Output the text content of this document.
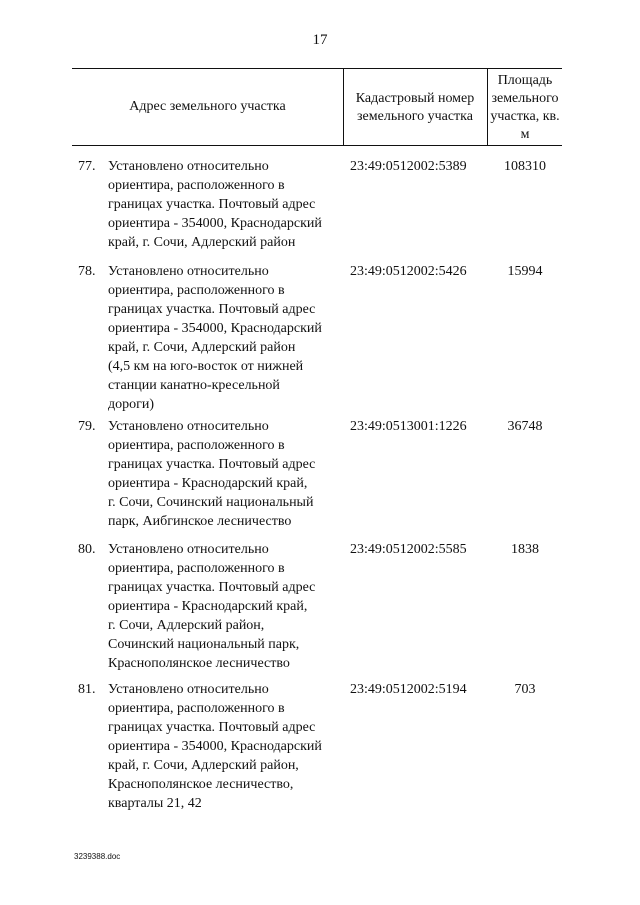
17
Адрес земельного участка
Кадастровый номер земельного участка
Площадь земельного участка, кв. м
77. Установлено относительно
ориентира, расположенного в
границах участка. Почтовый адрес
ориентира - 354000, Краснодарский
край, г. Сочи, Адлерский район
23:49:0512002:5389	108310
78. Установлено относительно
ориентира, расположенного в
границах участка. Почтовый адрес
ориентира - 354000, Краснодарский
край, г. Сочи, Адлерский район
(4,5 км на юго-восток от нижней
станции канатно-кресельной
дороги)
23:49:0512002:5426	15994
79. Установлено относительно
ориентира, расположенного в
границах участка. Почтовый адрес
ориентира - Краснодарский край,
г. Сочи, Сочинский национальный
парк, Аибгинское лесничество
23:49:0513001:1226	36748
80. Установлено относительно
ориентира, расположенного в
границах участка. Почтовый адрес
ориентира - Краснодарский край,
г. Сочи, Адлерский район,
Сочинский национальный парк,
Краснополянское лесничество
23:49:0512002:5585	1838
81. Установлено относительно
ориентира, расположенного в
границах участка. Почтовый адрес
ориентира - 354000, Краснодарский
край, г. Сочи, Адлерский район,
Краснополянское лесничество,
кварталы 21, 42
23:49:0512002:5194	703
3239388.doc
